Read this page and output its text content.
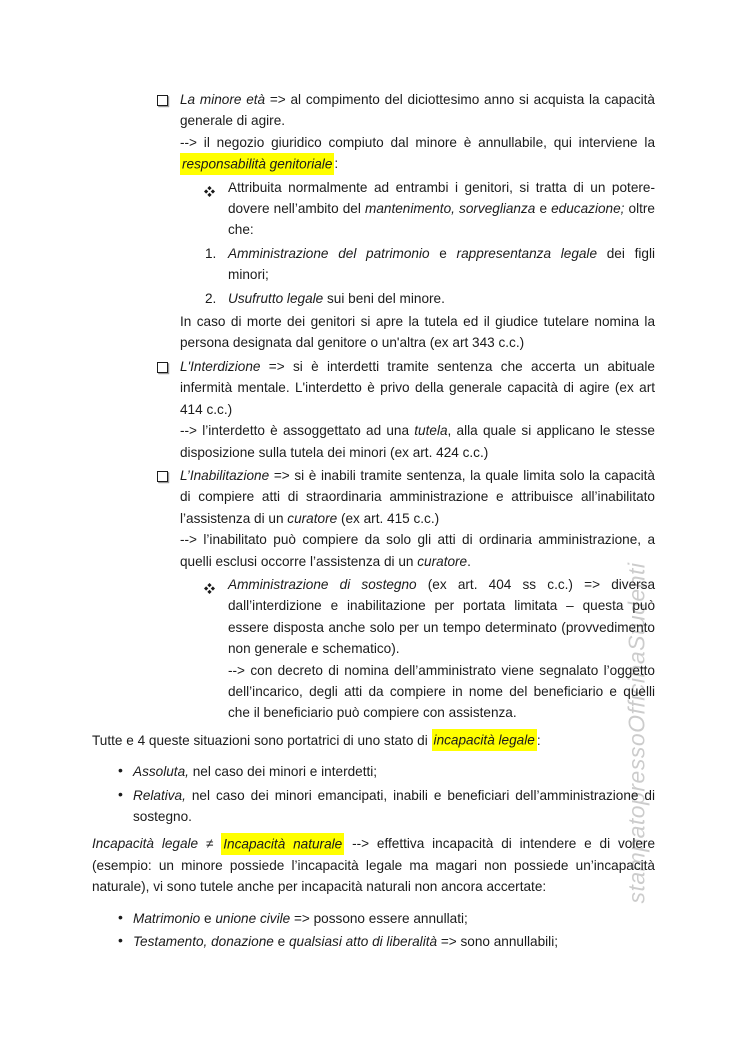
stampatopressoOfficinaStudenti
La minore età => al compimento del diciottesimo anno si acquista la capacità generale di agire.
--> il negozio giuridico compiuto dal minore è annullabile, qui interviene la responsabilità genitoriale :
Attribuita normalmente ad entrambi i genitori, si tratta di un potere-dovere nell’ambito del mantenimento, sorveglianza e educazione; oltre che:
1. Amministrazione del patrimonio e rappresentanza legale dei figli minori;
2. Usufrutto legale sui beni del minore.
In caso di morte dei genitori si apre la tutela ed il giudice tutelare nomina la persona designata dal genitore o un'altra (ex art 343 c.c.)
L'Interdizione => si è interdetti tramite sentenza che accerta un abituale infermità mentale. L'interdetto è privo della generale capacità di agire (ex art 414 c.c.)
--> l’interdetto è assoggettato ad una tutela, alla quale si applicano le stesse disposizione sulla tutela dei minori (ex art. 424 c.c.)
L’Inabilitazione => si è inabili tramite sentenza, la quale limita solo la capacità di compiere atti di straordinaria amministrazione e attribuisce all’inabilitato l’assistenza di un curatore (ex art. 415 c.c.)
--> l’inabilitato può compiere da solo gli atti di ordinaria amministrazione, a quelli esclusi occorre l’assistenza di un curatore.
Amministrazione di sostegno (ex art. 404 ss c.c.) => diversa dall’interdizione e inabilitazione per portata limitata – questa può essere disposta anche solo per un tempo determinato (provvedimento non generale e schematico).
--> con decreto di nomina dell’amministrato viene segnalato l’oggetto dell’incarico, degli atti da compiere in nome del beneficiario e quelli che il beneficiario può compiere con assistenza.
Tutte e 4 queste situazioni sono portatrici di uno stato di incapacità legale :
• Assoluta, nel caso dei minori e interdetti;
• Relativa, nel caso dei minori emancipati, inabili e beneficiari dell’amministrazione di sostegno.
Incapacità legale ≠ Incapacità naturale --> effettiva incapacità di intendere e di volere (esempio: un minore possiede l’incapacità legale ma magari non possiede un’incapacità naturale), vi sono tutele anche per incapacità naturali non ancora accertate:
• Matrimonio e unione civile => possono essere annullati;
• Testamento, donazione e qualsiasi atto di liberalità => sono annullabili;
